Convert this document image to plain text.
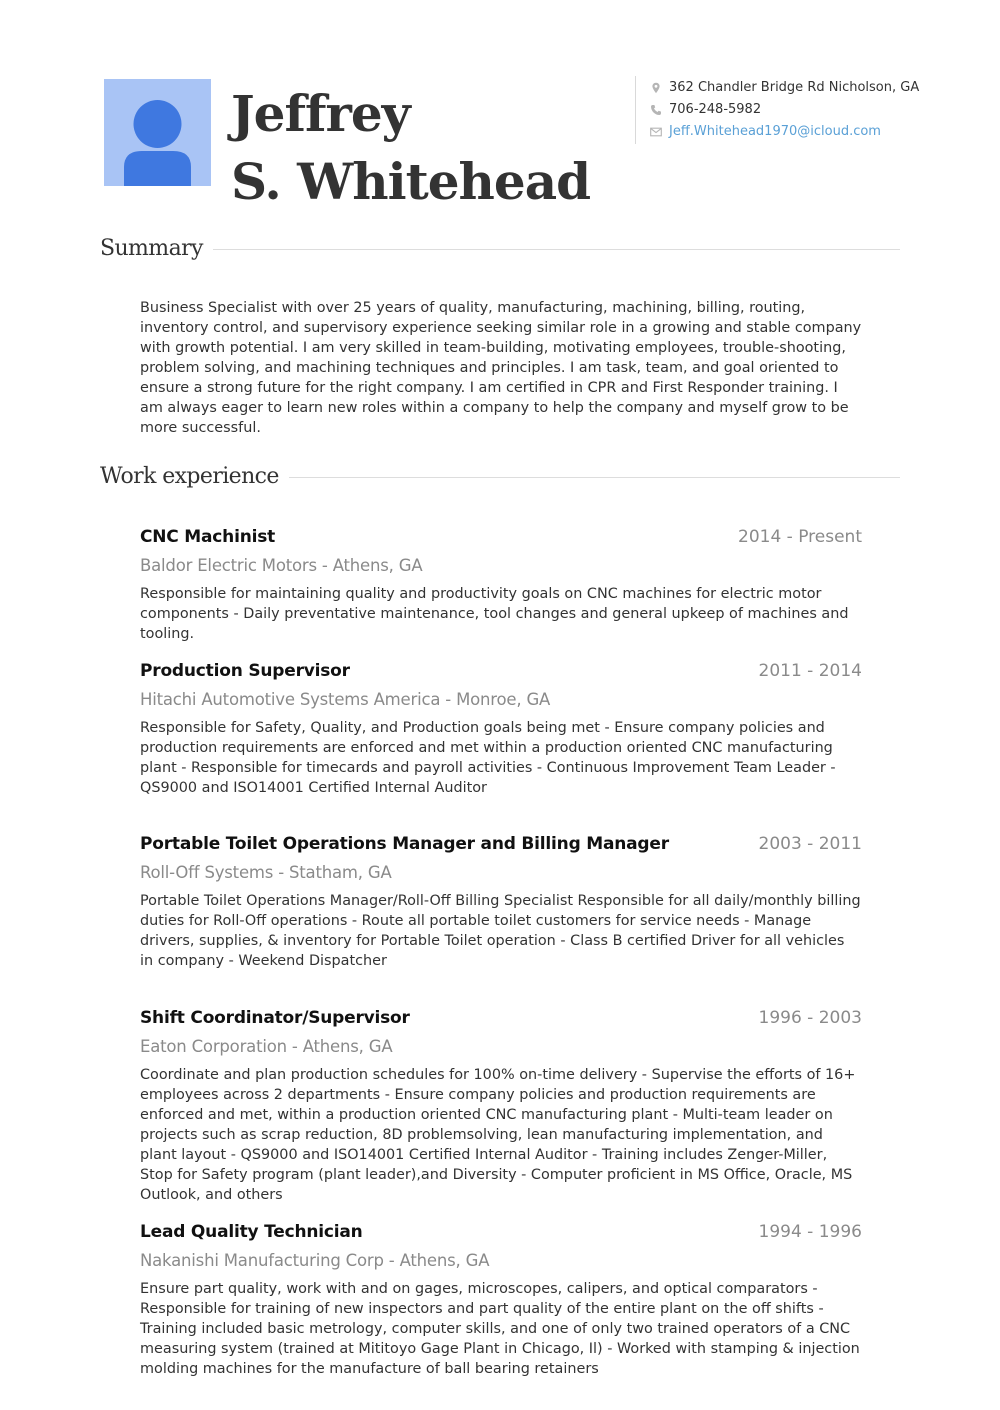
Jeffrey
S. Whitehead
362 Chandler Bridge Rd Nicholson, GA
706-248-5982
Jeff.Whitehead1970@icloud.com
Summary

Business Specialist with over 25 years of quality, manufacturing, machining, billing, routing, inventory control, and supervisory experience seeking similar role in a growing and stable company with growth potential. I am very skilled in team-building, motivating employees, trouble-shooting, problem solving, and machining techniques and principles. I am task, team, and goal oriented to ensure a strong future for the right company. I am certified in CPR and First Responder training. I am always eager to learn new roles within a company to help the company and myself grow to be more successful.

Work experience
CNC Machinist	2014 - Present
Baldor Electric Motors - Athens, GA

Responsible for maintaining quality and productivity goals on CNC machines for electric motor components - Daily preventative maintenance, tool changes and general upkeep of machines and tooling.

Production Supervisor	2011 - 2014
Hitachi Automotive Systems America - Monroe, GA

Responsible for Safety, Quality, and Production goals being met - Ensure company policies and production requirements are enforced and met within a production oriented CNC manufacturing plant - Responsible for timecards and payroll activities - Continuous Improvement Team Leader - QS9000 and ISO14001 Certified Internal Auditor

Portable Toilet Operations Manager and Billing Manager	2003 - 2011
Roll-Off Systems - Statham, GA

Portable Toilet Operations Manager/Roll-Off Billing Specialist Responsible for all daily/monthly billing duties for Roll-Off operations - Route all portable toilet customers for service needs - Manage drivers, supplies, & inventory for Portable Toilet operation - Class B certified Driver for all vehicles in company - Weekend Dispatcher

Shift Coordinator/Supervisor	1996 - 2003
Eaton Corporation - Athens, GA

Coordinate and plan production schedules for 100% on-time delivery - Supervise the efforts of 16+ employees across 2 departments - Ensure company policies and production requirements are enforced and met, within a production oriented CNC manufacturing plant - Multi-team leader on projects such as scrap reduction, 8D problemsolving, lean manufacturing implementation, and plant layout - QS9000 and ISO14001 Certified Internal Auditor - Training includes Zenger-Miller, Stop for Safety program (plant leader),and Diversity - Computer proficient in MS Office, Oracle, MS Outlook, and others

Lead Quality Technician	1994 - 1996
Nakanishi Manufacturing Corp - Athens, GA

Ensure part quality, work with and on gages, microscopes, calipers, and optical comparators - Responsible for training of new inspectors and part quality of the entire plant on the off shifts - Training included basic metrology, computer skills, and one of only two trained operators of a CNC measuring system (trained at Mititoyo Gage Plant in Chicago, Il) - Worked with stamping & injection molding machines for the manufacture of ball bearing retainers
